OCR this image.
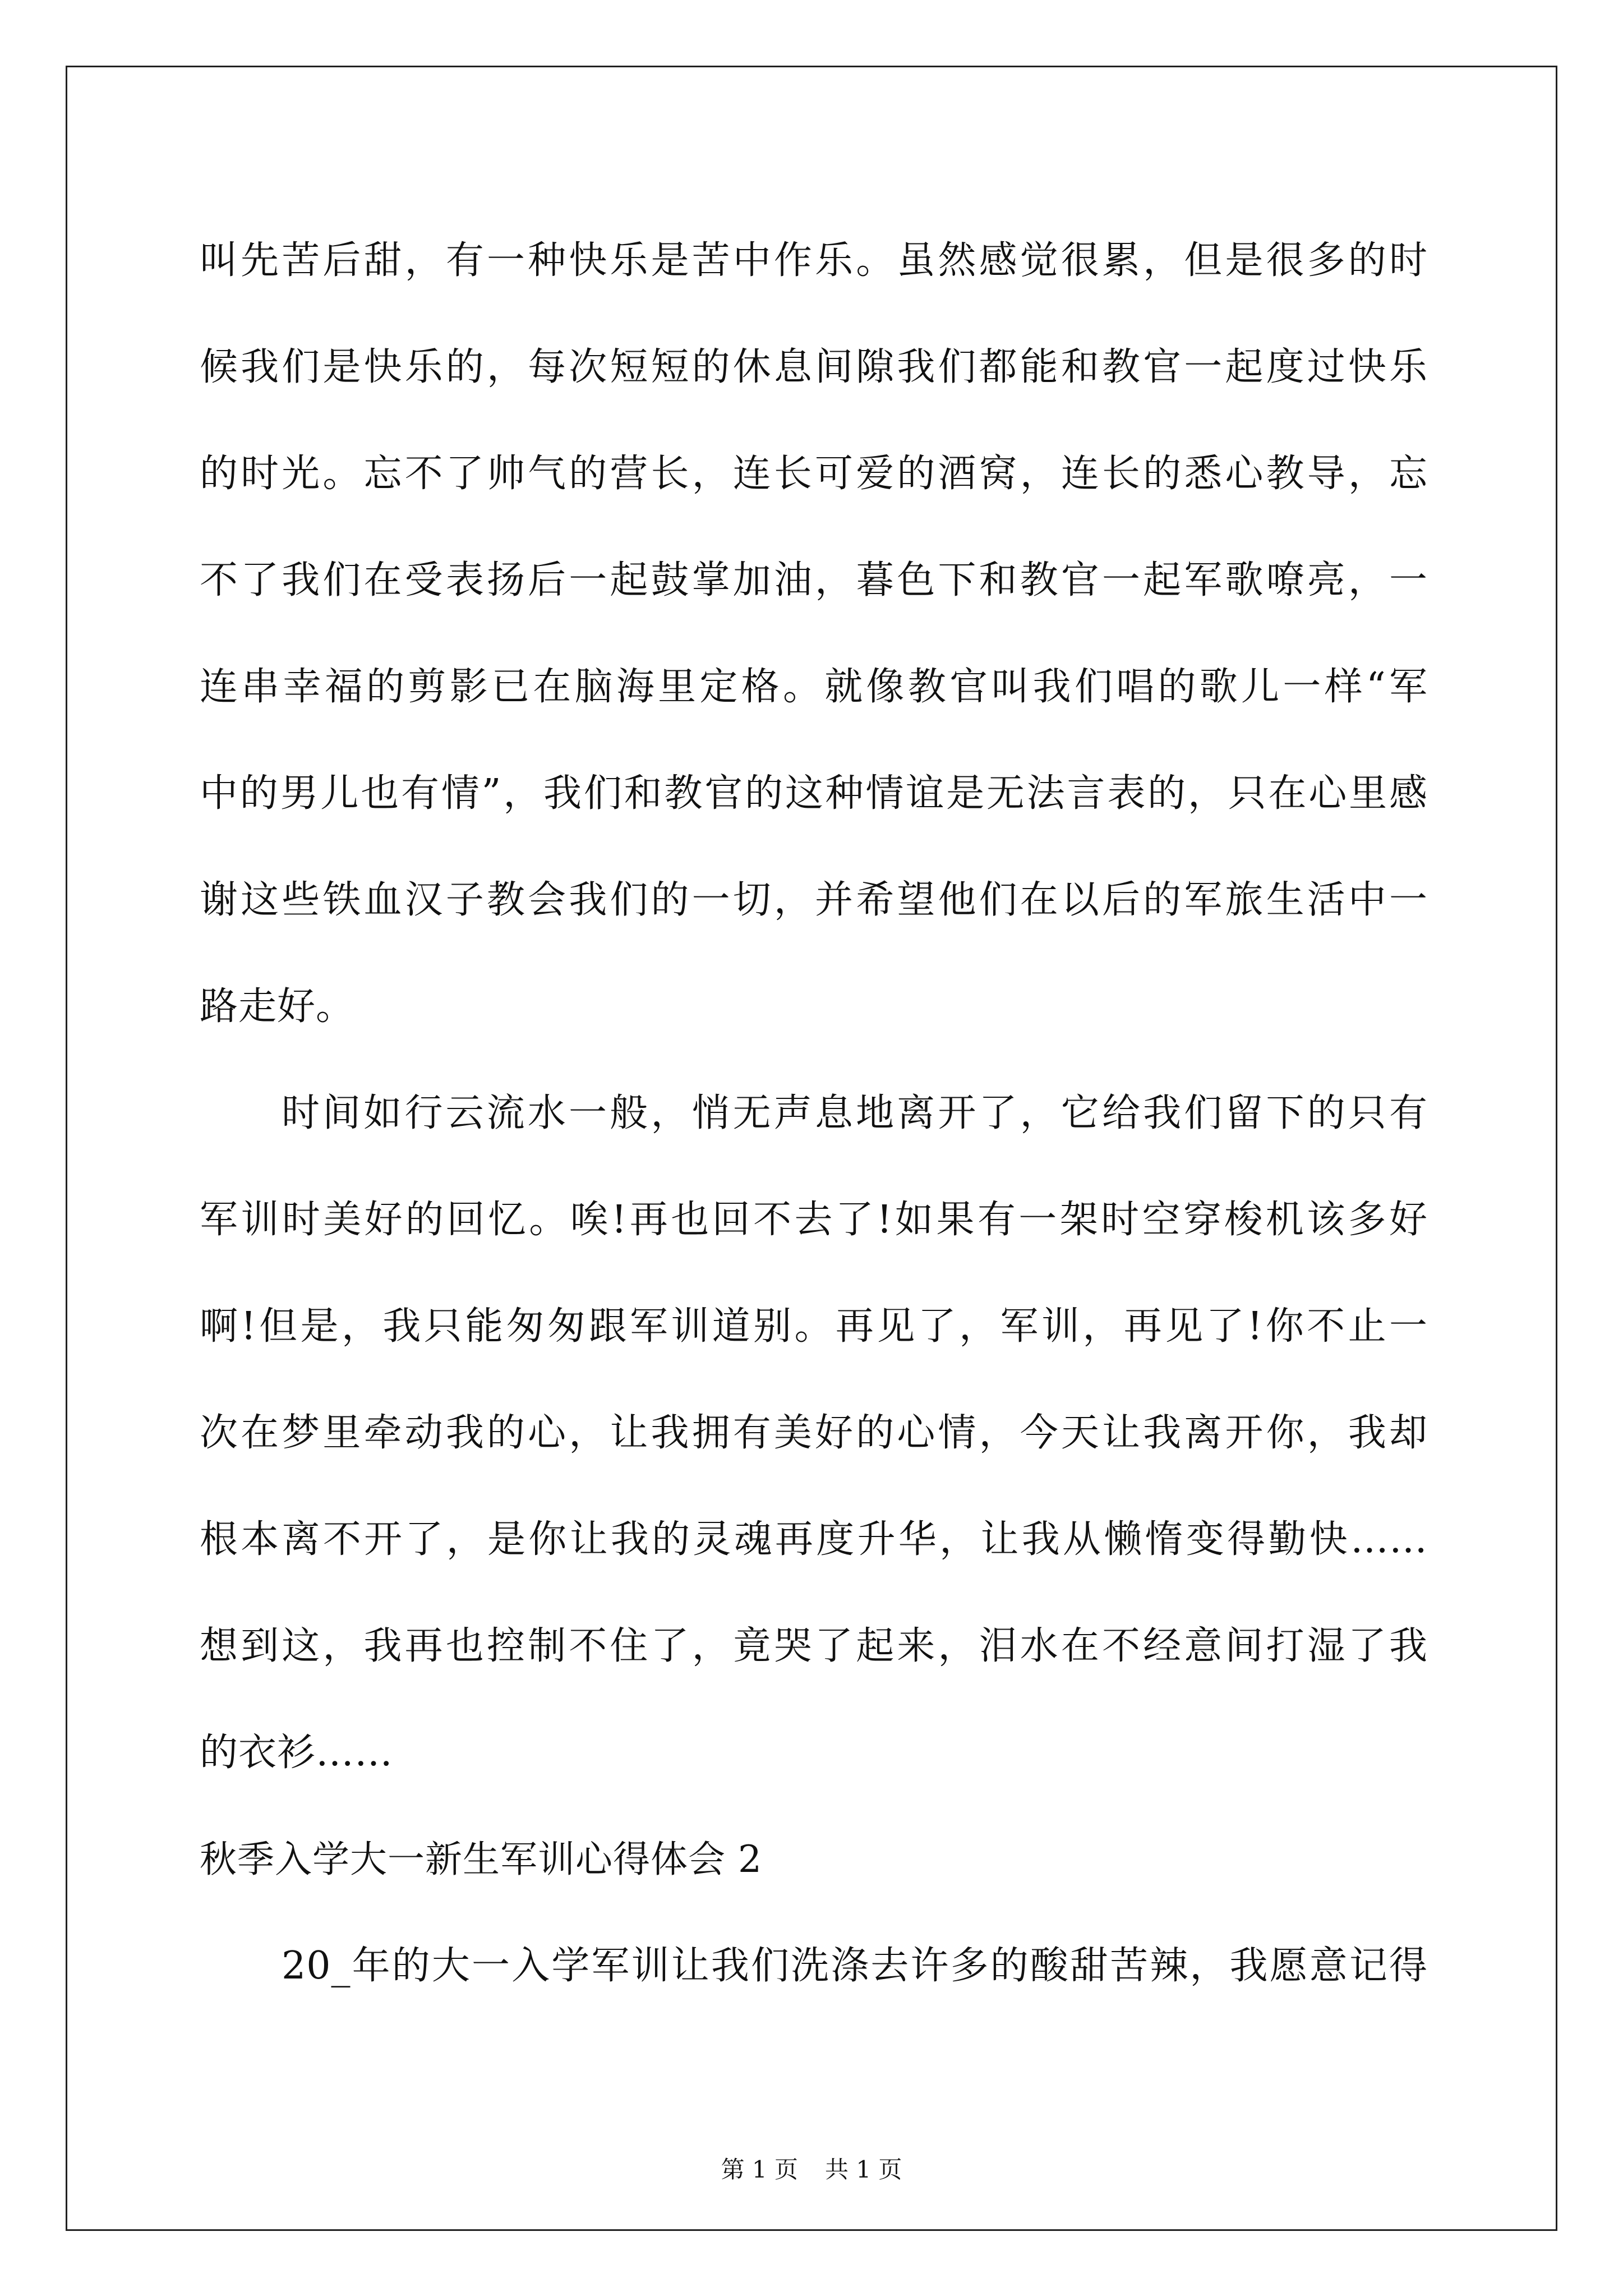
叫先苦后甜，有一种快乐是苦中作乐。虽然感觉很累，但是很多的时
候我们是快乐的，每次短短的休息间隙我们都能和教官一起度过快乐
的时光。忘不了帅气的营长，连长可爱的酒窝，连长的悉心教导，忘
不了我们在受表扬后一起鼓掌加油，暮色下和教官一起军歌嘹亮，一
连串幸福的剪影已在脑海里定格。就像教官叫我们唱的歌儿一样“军
中的男儿也有情”，我们和教官的这种情谊是无法言表的，只在心里感
谢这些铁血汉子教会我们的一切，并希望他们在以后的军旅生活中一
路走好。
时间如行云流水一般，悄无声息地离开了，它给我们留下的只有
军训时美好的回忆。唉!再也回不去了!如果有一架时空穿梭机该多好
啊!但是，我只能匆匆跟军训道别。再见了，军训，再见了!你不止一
次在梦里牵动我的心，让我拥有美好的心情，今天让我离开你，我却
根本离不开了，是你让我的灵魂再度升华，让我从懒惰变得勤快……
想到这，我再也控制不住了，竟哭了起来，泪水在不经意间打湿了我
的衣衫……
秋季入学大一新生军训心得体会 2
20_年的大一入学军训让我们洗涤去许多的酸甜苦辣，我愿意记得
第 1 页 共 1 页
